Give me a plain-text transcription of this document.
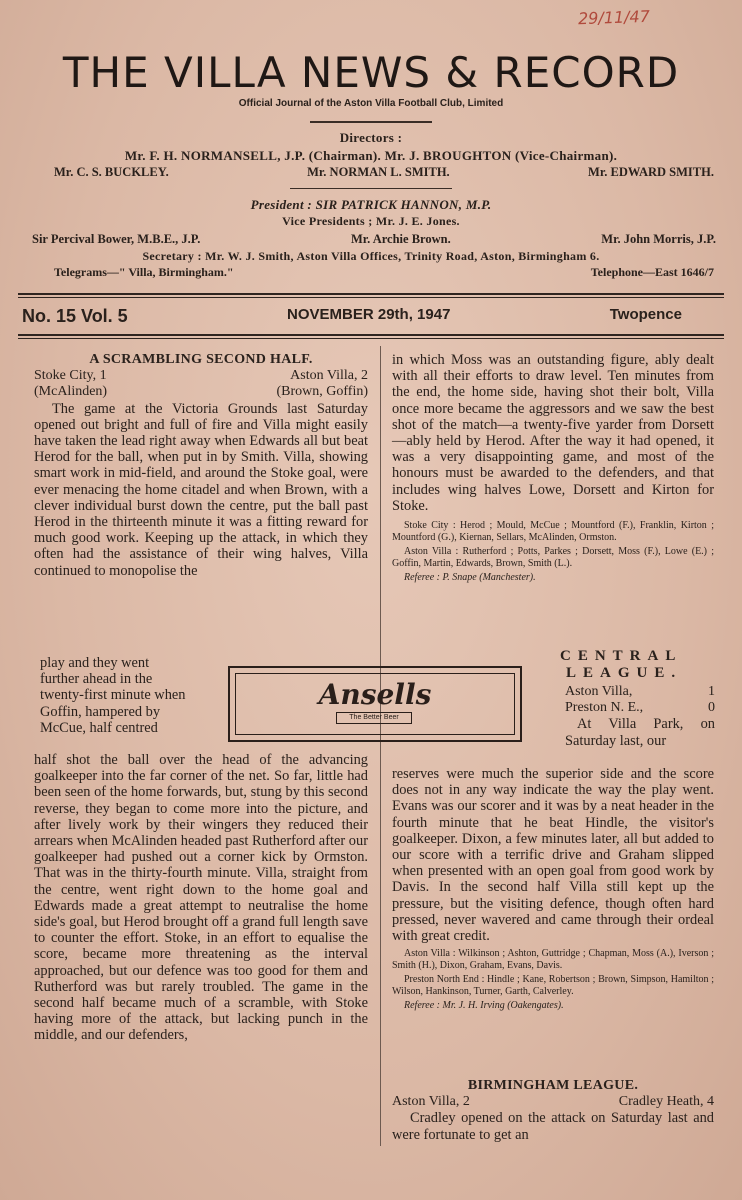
29/11/47
THE VILLA NEWS & RECORD
Official Journal of the Aston Villa Football Club, Limited
Directors :
Mr. F. H. NORMANSELL, J.P. (Chairman). Mr. J. BROUGHTON (Vice-Chairman).
Mr. C. S. BUCKLEY.	Mr. NORMAN L. SMITH.	Mr. EDWARD SMITH.
President : SIR PATRICK HANNON, M.P.
Vice Presidents ; Mr. J. E. Jones.
Sir Percival Bower, M.B.E., J.P.	Mr. Archie Brown.	Mr. John Morris, J.P.
Secretary : Mr. W. J. Smith, Aston Villa Offices, Trinity Road, Aston, Birmingham 6.
Telegrams—" Villa, Birmingham."	Telephone—East 1646/7
No. 15 Vol. 5	NOVEMBER 29th, 1947	Twopence
A SCRAMBLING SECOND HALF.
Stoke City, 1	Aston Villa, 2
(McAlinden)	(Brown, Goffin)

The game at the Victoria Grounds last Saturday opened out bright and full of fire and Villa might easily have taken the lead right away when Edwards all but beat Herod for the ball, when put in by Smith. Villa, showing smart work in mid-field, and around the Stoke goal, were ever menacing the home citadel and when Brown, with a clever individual burst down the centre, put the ball past Herod in the thirteenth minute it was a fitting reward for much good work. Keeping up the attack, in which they often had the assistance of their wing halves, Villa continued to monopolise the

play and they went further ahead in the twenty-first minute when Goffin, hampered by McCue, half centred
half shot the ball over the head of the advancing goalkeeper into the far corner of the net. So far, little had been seen of the home forwards, but, stung by this second reverse, they began to come more into the picture, and after lively work by their wingers they reduced their arrears when McAlinden headed past Rutherford after our goalkeeper had pushed out a corner kick by Ormston. That was in the thirty-fourth minute. Villa, straight from the centre, went right down to the home goal and Edwards made a great attempt to neutralise the home side's goal, but Herod brought off a grand full length save to counter the effort. Stoke, in an effort to equalise the score, became more threatening as the interval approached, but our defence was too good for them and Rutherford was but rarely troubled. The game in the second half became much of a scramble, with Stoke having more of the attack, but lacking punch in the middle, and our defenders,

in which Moss was an outstanding figure, ably dealt with all their efforts to draw level. Ten minutes from the end, the home side, having shot their bolt, Villa once more became the aggressors and we saw the best shot of the match—a twenty-five yarder from Dorsett—ably held by Herod. After the way it had opened, it was a very disappointing game, and most of the honours must be awarded to the defenders, and that includes wing halves Lowe, Dorsett and Kirton for Stoke.

Stoke City : Herod ; Mould, McCue ; Mountford (F.), Franklin, Kirton ; Mountford (G.), Kiernan, Sellars, McAlinden, Ormston.

Aston Villa : Rutherford ; Potts, Parkes ; Dorsett, Moss (F.), Lowe (E.) ; Goffin, Martin, Edwards, Brown, Smith (L.).

Referee : P. Snape (Manchester).

Ansells
The Better Beer
CENTRAL
LEAGUE.
Aston Villa,	1
Preston N. E.,	0

At Villa Park, on Saturday last, our

reserves were much the superior side and the score does not in any way indicate the way the play went. Evans was our scorer and it was by a neat header in the fourth minute that he beat Hindle, the visitor's goalkeeper. Dixon, a few minutes later, all but added to our score with a terrific drive and Graham slipped when presented with an open goal from good work by Davis. In the second half Villa still kept up the pressure, but the visiting defence, though often hard pressed, never wavered and came through their ordeal with great credit.

Aston Villa : Wilkinson ; Ashton, Guttridge ; Chapman, Moss (A.), Iverson ; Smith (H.), Dixon, Graham, Evans, Davis.

Preston North End : Hindle ; Kane, Robertson ; Brown, Simpson, Hamilton ; Wilson, Hankinson, Turner, Garth, Calverley.

Referee : Mr. J. H. Irving (Oakengates).

BIRMINGHAM LEAGUE.
Aston Villa, 2	Cradley Heath, 4

Cradley opened on the attack on Saturday last and were fortunate to get an
